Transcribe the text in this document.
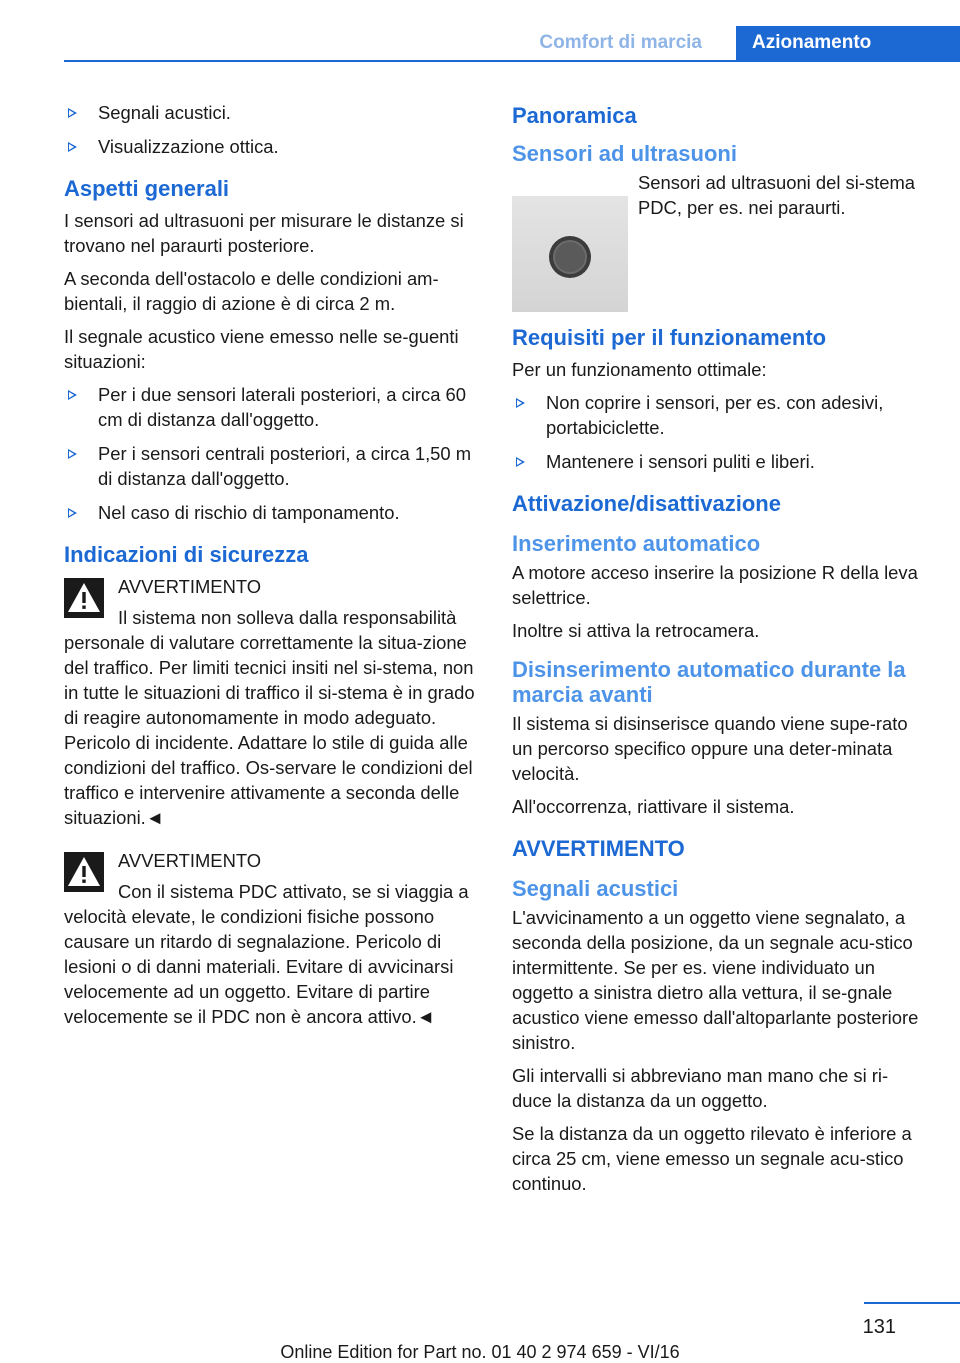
Comfort di marcia	Azionamento
Segnali acustici.
Visualizzazione ottica.
Aspetti generali

I sensori ad ultrasuoni per misurare le distanze si trovano nel paraurti posteriore.

A seconda dell'ostacolo e delle condizioni am-bientali, il raggio di azione è di circa 2 m.

Il segnale acustico viene emesso nelle se-guenti situazioni:

Per i due sensori laterali posteriori, a circa 60 cm di distanza dall'oggetto.
Per i sensori centrali posteriori, a circa 1,50 m di distanza dall'oggetto.
Nel caso di rischio di tamponamento.
Indicazioni di sicurezza

AVVERTIMENTO

Il sistema non solleva dalla responsabilità personale di valutare correttamente la situa-zione del traffico. Per limiti tecnici insiti nel si-stema, non in tutte le situazioni di traffico il si-stema è in grado di reagire autonomamente in modo adeguato. Pericolo di incidente. Adattare lo stile di guida alle condizioni del traffico. Os-servare le condizioni del traffico e intervenire attivamente a seconda delle situazioni.◄

AVVERTIMENTO

Con il sistema PDC attivato, se si viaggia a velocità elevate, le condizioni fisiche possono causare un ritardo di segnalazione. Pericolo di lesioni o di danni materiali. Evitare di avvicinarsi velocemente ad un oggetto. Evitare di partire velocemente se il PDC non è ancora attivo.◄

Panoramica
Sensori ad ultrasuoni

Sensori ad ultrasuoni del si-stema PDC, per es. nei paraurti.

Requisiti per il funzionamento

Per un funzionamento ottimale:

Non coprire i sensori, per es. con adesivi, portabiciclette.
Mantenere i sensori puliti e liberi.
Attivazione/disattivazione
Inserimento automatico

A motore acceso inserire la posizione R della leva selettrice.

Inoltre si attiva la retrocamera.

Disinserimento automatico durante la marcia avanti

Il sistema si disinserisce quando viene supe-rato un percorso specifico oppure una deter-minata velocità.

All'occorrenza, riattivare il sistema.

AVVERTIMENTO
Segnali acustici

L'avvicinamento a un oggetto viene segnalato, a seconda della posizione, da un segnale acu-stico intermittente. Se per es. viene individuato un oggetto a sinistra dietro alla vettura, il se-gnale acustico viene emesso dall'altoparlante posteriore sinistro.

Gli intervalli si abbreviano man mano che si ri-duce la distanza da un oggetto.

Se la distanza da un oggetto rilevato è inferiore a circa 25 cm, viene emesso un segnale acu-stico continuo.

131
Online Edition for Part no. 01 40 2 974 659 - VI/16
